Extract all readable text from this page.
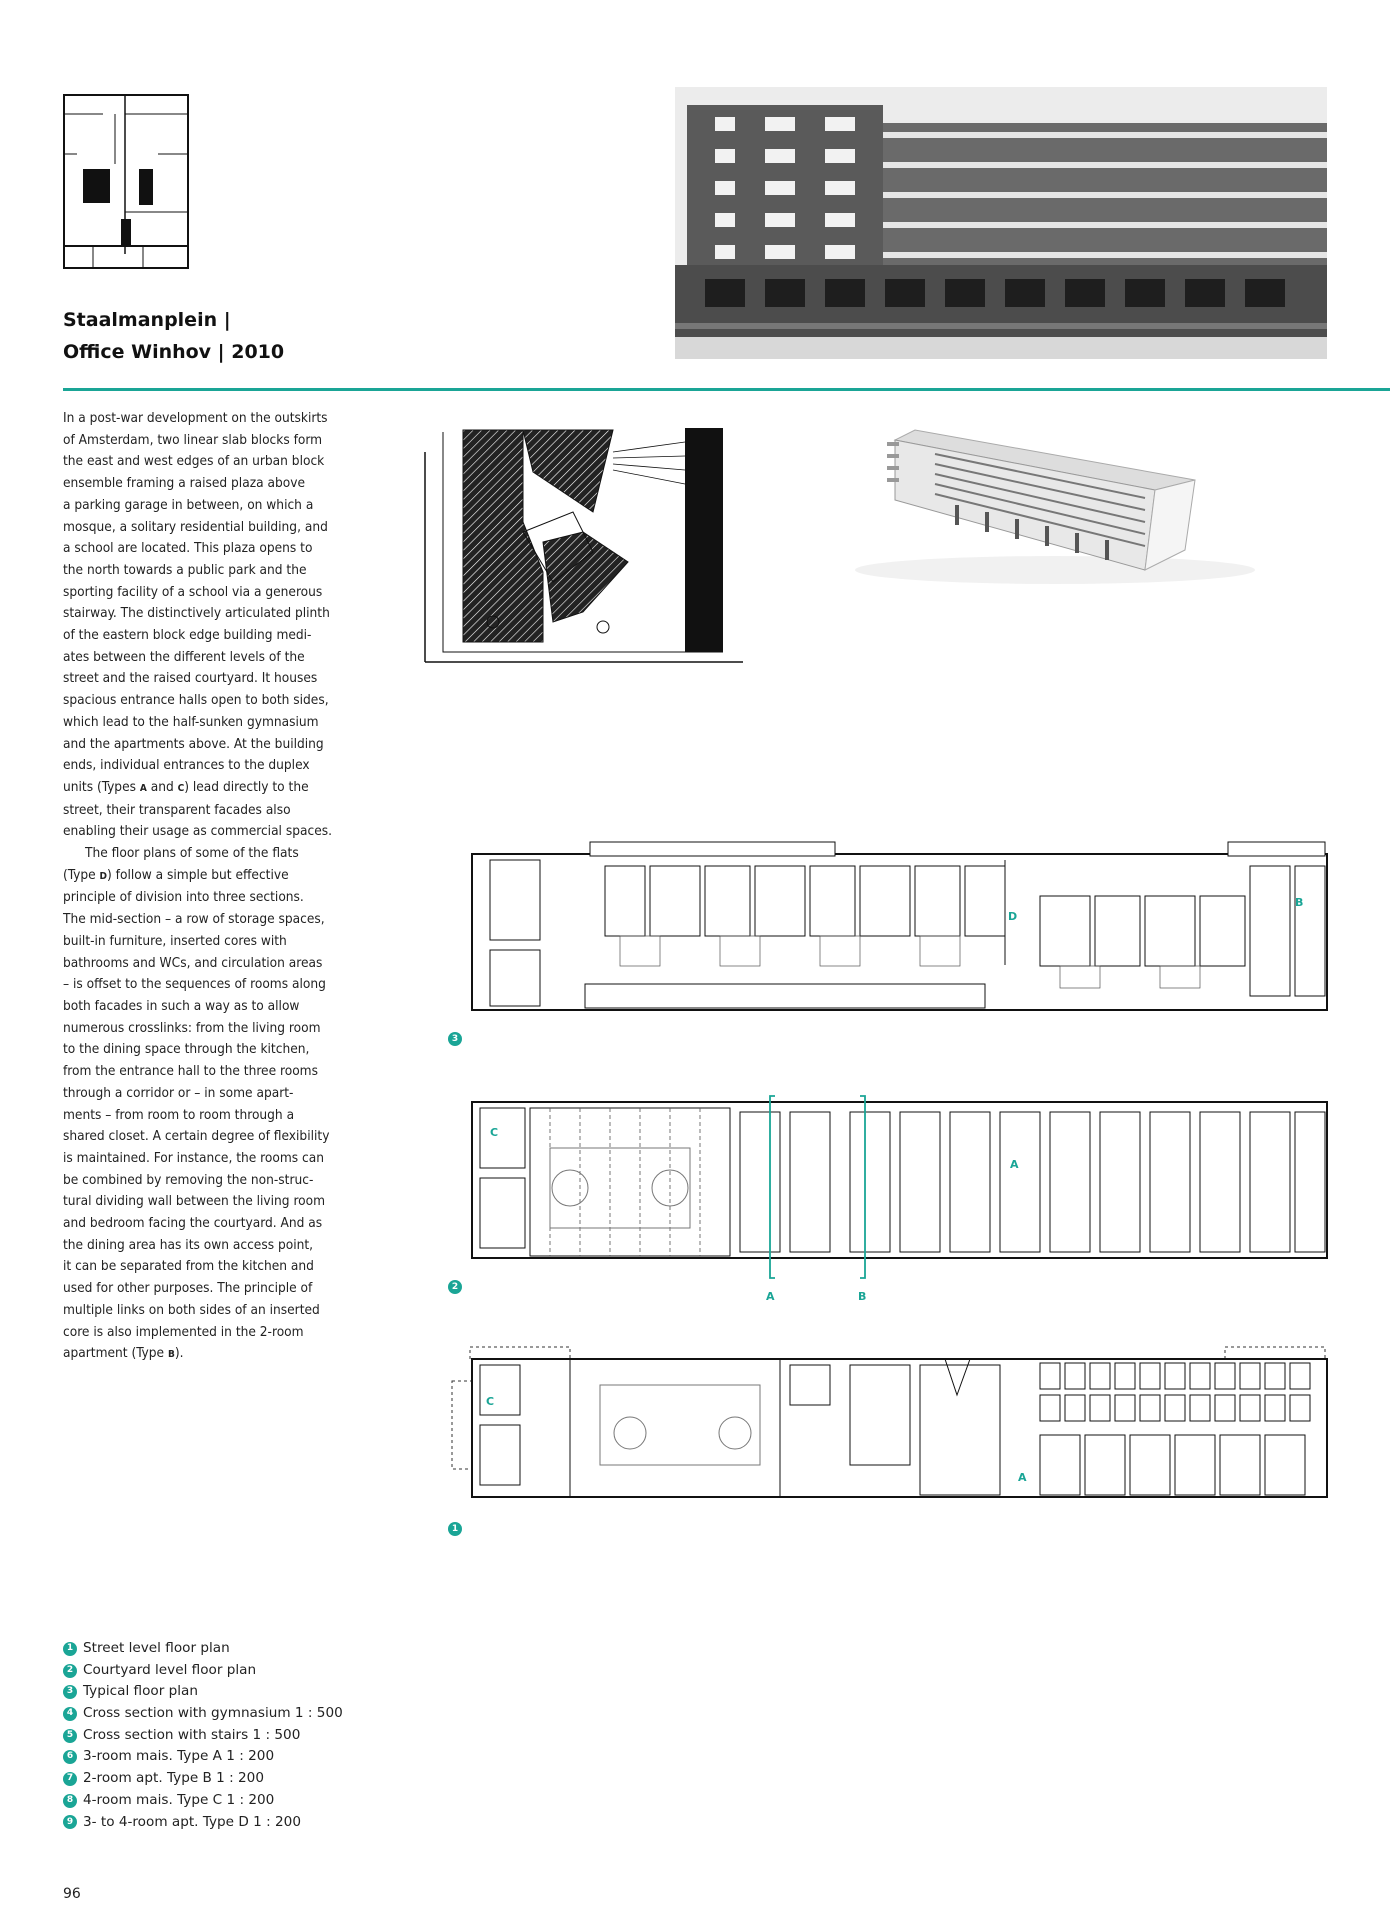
Staalmanplein |
Office Winhov | 2010

In a post-war development on the outskirts

of Amsterdam, two linear slab blocks form

the east and west edges of an urban block

ensemble framing a raised plaza above

a parking garage in between, on which a

mosque, a solitary residential building, and

a school are located. This plaza opens to

the north towards a public park and the

sporting facility of a school via a generous

stairway. The distinctively articulated plinth

of the eastern block edge building medi-

ates between the different levels of the

street and the raised courtyard. It houses

spacious entrance halls open to both sides,

which lead to the half-sunken gymnasium

and the apartments above. At the building

ends, individual entrances to the duplex

units (Types A and C) lead directly to the

street, their transparent facades also

enabling their usage as commercial spaces.

The floor plans of some of the flats

(Type D) follow a simple but effective

principle of division into three sections.

The mid-section – a row of storage spaces,

built-in furniture, inserted cores with

bathrooms and WCs, and circulation areas

– is offset to the sequences of rooms along

both facades in such a way as to allow

numerous crosslinks: from the living room

to the dining space through the kitchen,

from the entrance hall to the three rooms

through a corridor or – in some apart-

ments – from room to room through a

shared closet. A certain degree of flexibility

is maintained. For instance, the rooms can

be combined by removing the non-struc-

tural dividing wall between the living room

and bedroom facing the courtyard. And as

the dining area has its own access point,

it can be separated from the kitchen and

used for other purposes. The principle of

multiple links on both sides of an inserted

core is also implemented in the 2-room

apartment (Type B).

D
B
3
C
A
A	B
2
C
A
1
1 Street level floor plan
2 Courtyard level floor plan
3 Typical floor plan
4 Cross section with gymnasium 1 : 500
5 Cross section with stairs 1 : 500
6 3-room mais. Type A 1 : 200
7 2-room apt. Type B 1 : 200
8 4-room mais. Type C 1 : 200
9 3- to 4-room apt. Type D 1 : 200
96
